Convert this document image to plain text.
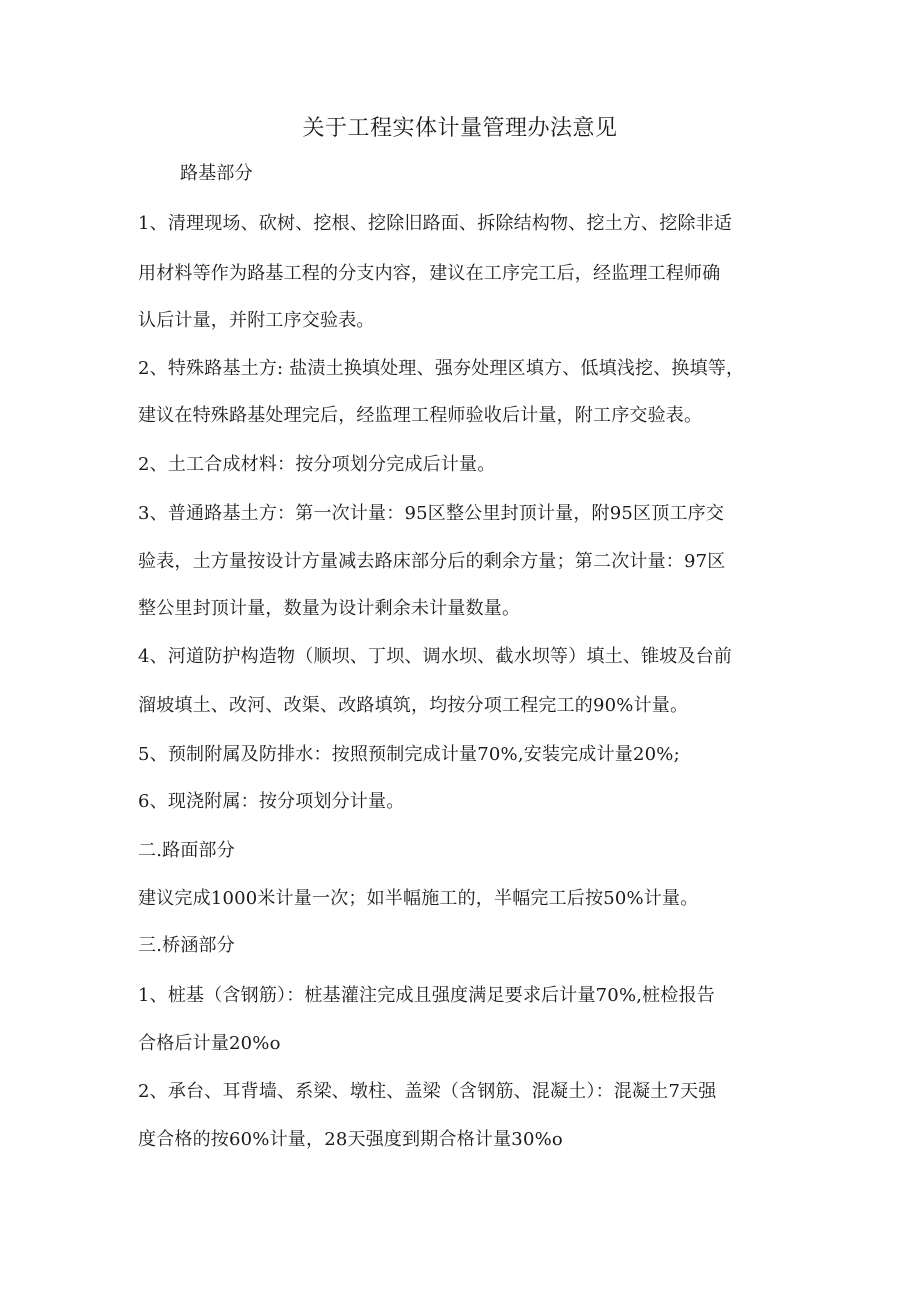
关于工程实体计量管理办法意见
路基部分
1、清理现场、砍树、挖根、挖除旧路面、拆除结构物、挖土方、挖除非适
用材料等作为路基工程的分支内容，建议在工序完工后，经监理工程师确
认后计量，并附工序交验表。
2、特殊路基土方: 盐渍土换填处理、强夯处理区填方、低填浅挖、换填等，
建议在特殊路基处理完后，经监理工程师验收后计量，附工序交验表。
2、土工合成材料：按分项划分完成后计量。
3、普通路基土方：第一次计量：95区整公里封顶计量，附95区顶工序交
验表，土方量按设计方量减去路床部分后的剩余方量；第二次计量：97区
整公里封顶计量，数量为设计剩余未计量数量。
4、河道防护构造物（顺坝、丁坝、调水坝、截水坝等）填土、锥坡及台前
溜坡填土、改河、改渠、改路填筑，均按分项工程完工的90%计量。
5、预制附属及防排水：按照预制完成计量70%,安装完成计量20%;
6、现浇附属：按分项划分计量。
二.路面部分
建议完成1000米计量一次；如半幅施工的，半幅完工后按50%计量。
三.桥涵部分
1、桩基（含钢筋）：桩基灌注完成且强度满足要求后计量70%,桩检报告
合格后计量20%o
2、承台、耳背墙、系梁、墩柱、盖梁（含钢筋、混凝土）：混凝土7天强
度合格的按60%计量，28天强度到期合格计量30%o
